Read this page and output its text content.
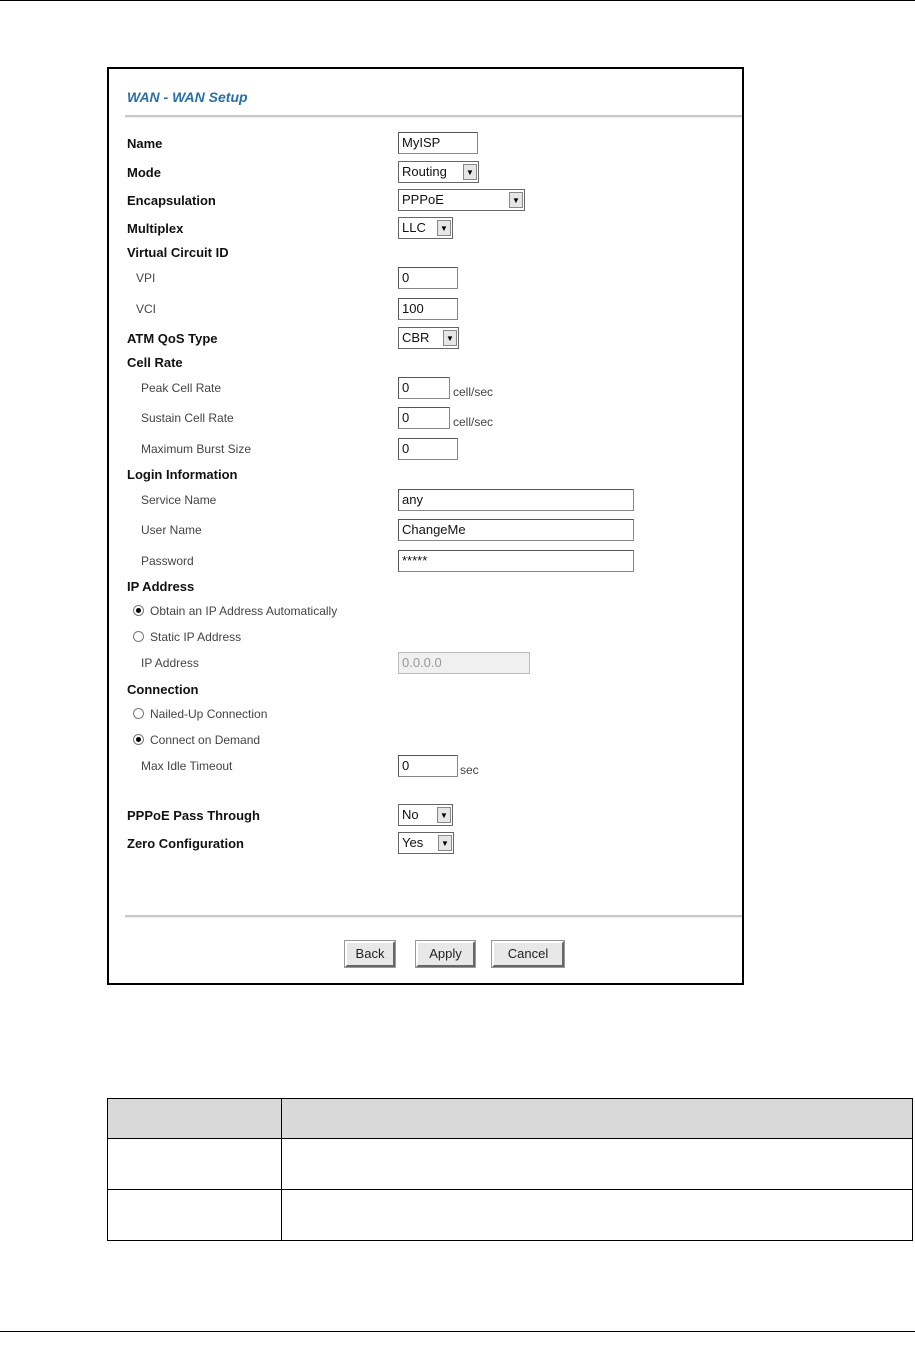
WAN - WAN Setup
Name	MyISP
Mode	Routing	▼
Encapsulation	PPPoE	▼
Multiplex	LLC	▼
Virtual Circuit ID
VPI	0
VCI	100
ATM QoS Type	CBR	▼
Cell Rate
Peak Cell Rate	0	cell/sec
Sustain Cell Rate	0	cell/sec
Maximum Burst Size	0
Login Information
Service Name	any
User Name	ChangeMe
Password	*****
IP Address
Obtain an IP Address Automatically
Static IP Address
IP Address	0.0.0.0
Connection
Nailed-Up Connection
Connect on Demand
Max Idle Timeout	0	sec
PPPoE Pass Through	No	▼
Zero Configuration	Yes	▼
Back	Apply	Cancel
